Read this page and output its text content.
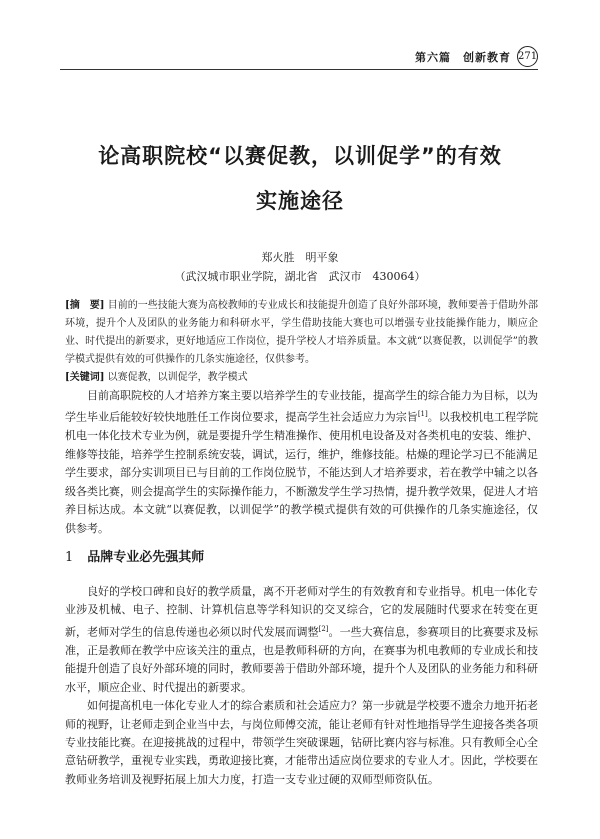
第六篇　创新教育 271
论高职院校“以赛促教，以训促学”的有效
实施途径
郑火胜　明平象
（武汉城市职业学院，湖北省　武汉市　430064）

[摘　要] 目前的一些技能大赛为高校教师的专业成长和技能提升创造了良好外部环境，教师要善于借助外部环境，提升个人及团队的业务能力和科研水平，学生借助技能大赛也可以增强专业技能操作能力，顺应企业、时代提出的新要求，更好地适应工作岗位，提升学校人才培养质量。本文就“以赛促教，以训促学”的教学模式提供有效的可供操作的几条实施途径，仅供参考。

[关键词] 以赛促教，以训促学，教学模式

目前高职院校的人才培养方案主要以培养学生的专业技能，提高学生的综合能力为目标，以为学生毕业后能较好较快地胜任工作岗位要求，提高学生社会适应力为宗旨[1]。以我校机电工程学院机电一体化技术专业为例，就是要提升学生精准操作、使用机电设备及对各类机电的安装、维护、维修等技能，培养学生控制系统安装，调试，运行，维护，维修技能。枯燥的理论学习已不能满足学生要求，部分实训项目已与目前的工作岗位脱节，不能达到人才培养要求，若在教学中辅之以各级各类比赛，则会提高学生的实际操作能力，不断激发学生学习热情，提升教学效果，促进人才培养目标达成。本文就“以赛促教，以训促学”的教学模式提供有效的可供操作的几条实施途径，仅供参考。

1 品牌专业必先强其师

良好的学校口碑和良好的教学质量，离不开老师对学生的有效教育和专业指导。机电一体化专业涉及机械、电子、控制、计算机信息等学科知识的交叉综合，它的发展随时代要求在转变在更新，老师对学生的信息传递也必须以时代发展而调整[2]。一些大赛信息，参赛项目的比赛要求及标准，正是教师在教学中应该关注的重点，也是教师科研的方向，在赛事为机电教师的专业成长和技能提升创造了良好外部环境的同时，教师要善于借助外部环境，提升个人及团队的业务能力和科研水平，顺应企业、时代提出的新要求。

如何提高机电一体化专业人才的综合素质和社会适应力？第一步就是学校要不遗余力地开拓老师的视野，让老师走到企业当中去，与岗位师傅交流，能让老师有针对性地指导学生迎接各类各项专业技能比赛。在迎接挑战的过程中，带领学生突破课题，钻研比赛内容与标准。只有教师全心全意钻研教学，重视专业实践，勇敢迎接比赛，才能带出适应岗位要求的专业人才。因此，学校要在教师业务培训及视野拓展上加大力度，打造一支专业过硬的双师型师资队伍。
